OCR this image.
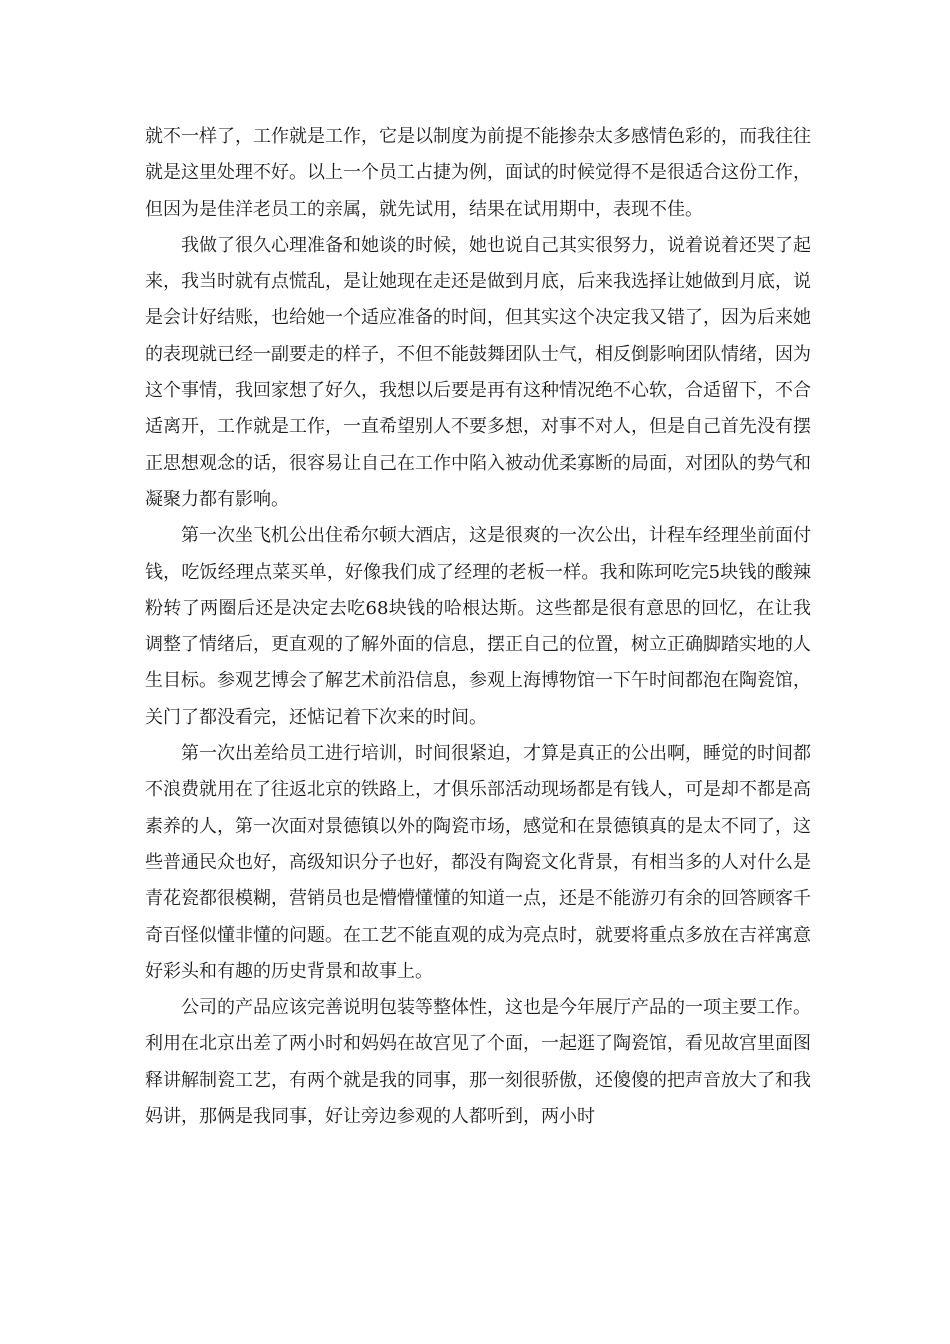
就不一样了，工作就是工作，它是以制度为前提不能掺杂太多感情色彩的，而我往往就是这里处理不好。以上一个员工占捷为例，面试的时候觉得不是很适合这份工作，但因为是佳洋老员工的亲属，就先试用，结果在试用期中，表现不佳。

我做了很久心理准备和她谈的时候，她也说自己其实很努力，说着说着还哭了起来，我当时就有点慌乱，是让她现在走还是做到月底，后来我选择让她做到月底，说是会计好结账，也给她一个适应准备的时间，但其实这个决定我又错了，因为后来她的表现就已经一副要走的样子，不但不能鼓舞团队士气，相反倒影响团队情绪，因为这个事情，我回家想了好久，我想以后要是再有这种情况绝不心软，合适留下，不合适离开，工作就是工作，一直希望别人不要多想，对事不对人，但是自己首先没有摆正思想观念的话，很容易让自己在工作中陷入被动优柔寡断的局面，对团队的势气和凝聚力都有影响。

第一次坐飞机公出住希尔顿大酒店，这是很爽的一次公出，计程车经理坐前面付钱，吃饭经理点菜买单，好像我们成了经理的老板一样。我和陈珂吃完5块钱的酸辣粉转了两圈后还是决定去吃68块钱的哈根达斯。这些都是很有意思的回忆，在让我调整了情绪后，更直观的了解外面的信息，摆正自己的位置，树立正确脚踏实地的人生目标。参观艺博会了解艺术前沿信息，参观上海博物馆一下午时间都泡在陶瓷馆，关门了都没看完，还惦记着下次来的时间。

第一次出差给员工进行培训，时间很紧迫，才算是真正的公出啊，睡觉的时间都不浪费就用在了往返北京的铁路上，才俱乐部活动现场都是有钱人，可是却不都是高素养的人，第一次面对景德镇以外的陶瓷市场，感觉和在景德镇真的是太不同了，这些普通民众也好，高级知识分子也好，都没有陶瓷文化背景，有相当多的人对什么是青花瓷都很模糊，营销员也是懵懵懂懂的知道一点，还是不能游刃有余的回答顾客千奇百怪似懂非懂的问题。在工艺不能直观的成为亮点时，就要将重点多放在吉祥寓意好彩头和有趣的历史背景和故事上。

公司的产品应该完善说明包装等整体性，这也是今年展厅产品的一项主要工作。利用在北京出差了两小时和妈妈在故宫见了个面，一起逛了陶瓷馆，看见故宫里面图释讲解制瓷工艺，有两个就是我的同事，那一刻很骄傲，还傻傻的把声音放大了和我妈讲，那俩是我同事，好让旁边参观的人都听到，两小时
